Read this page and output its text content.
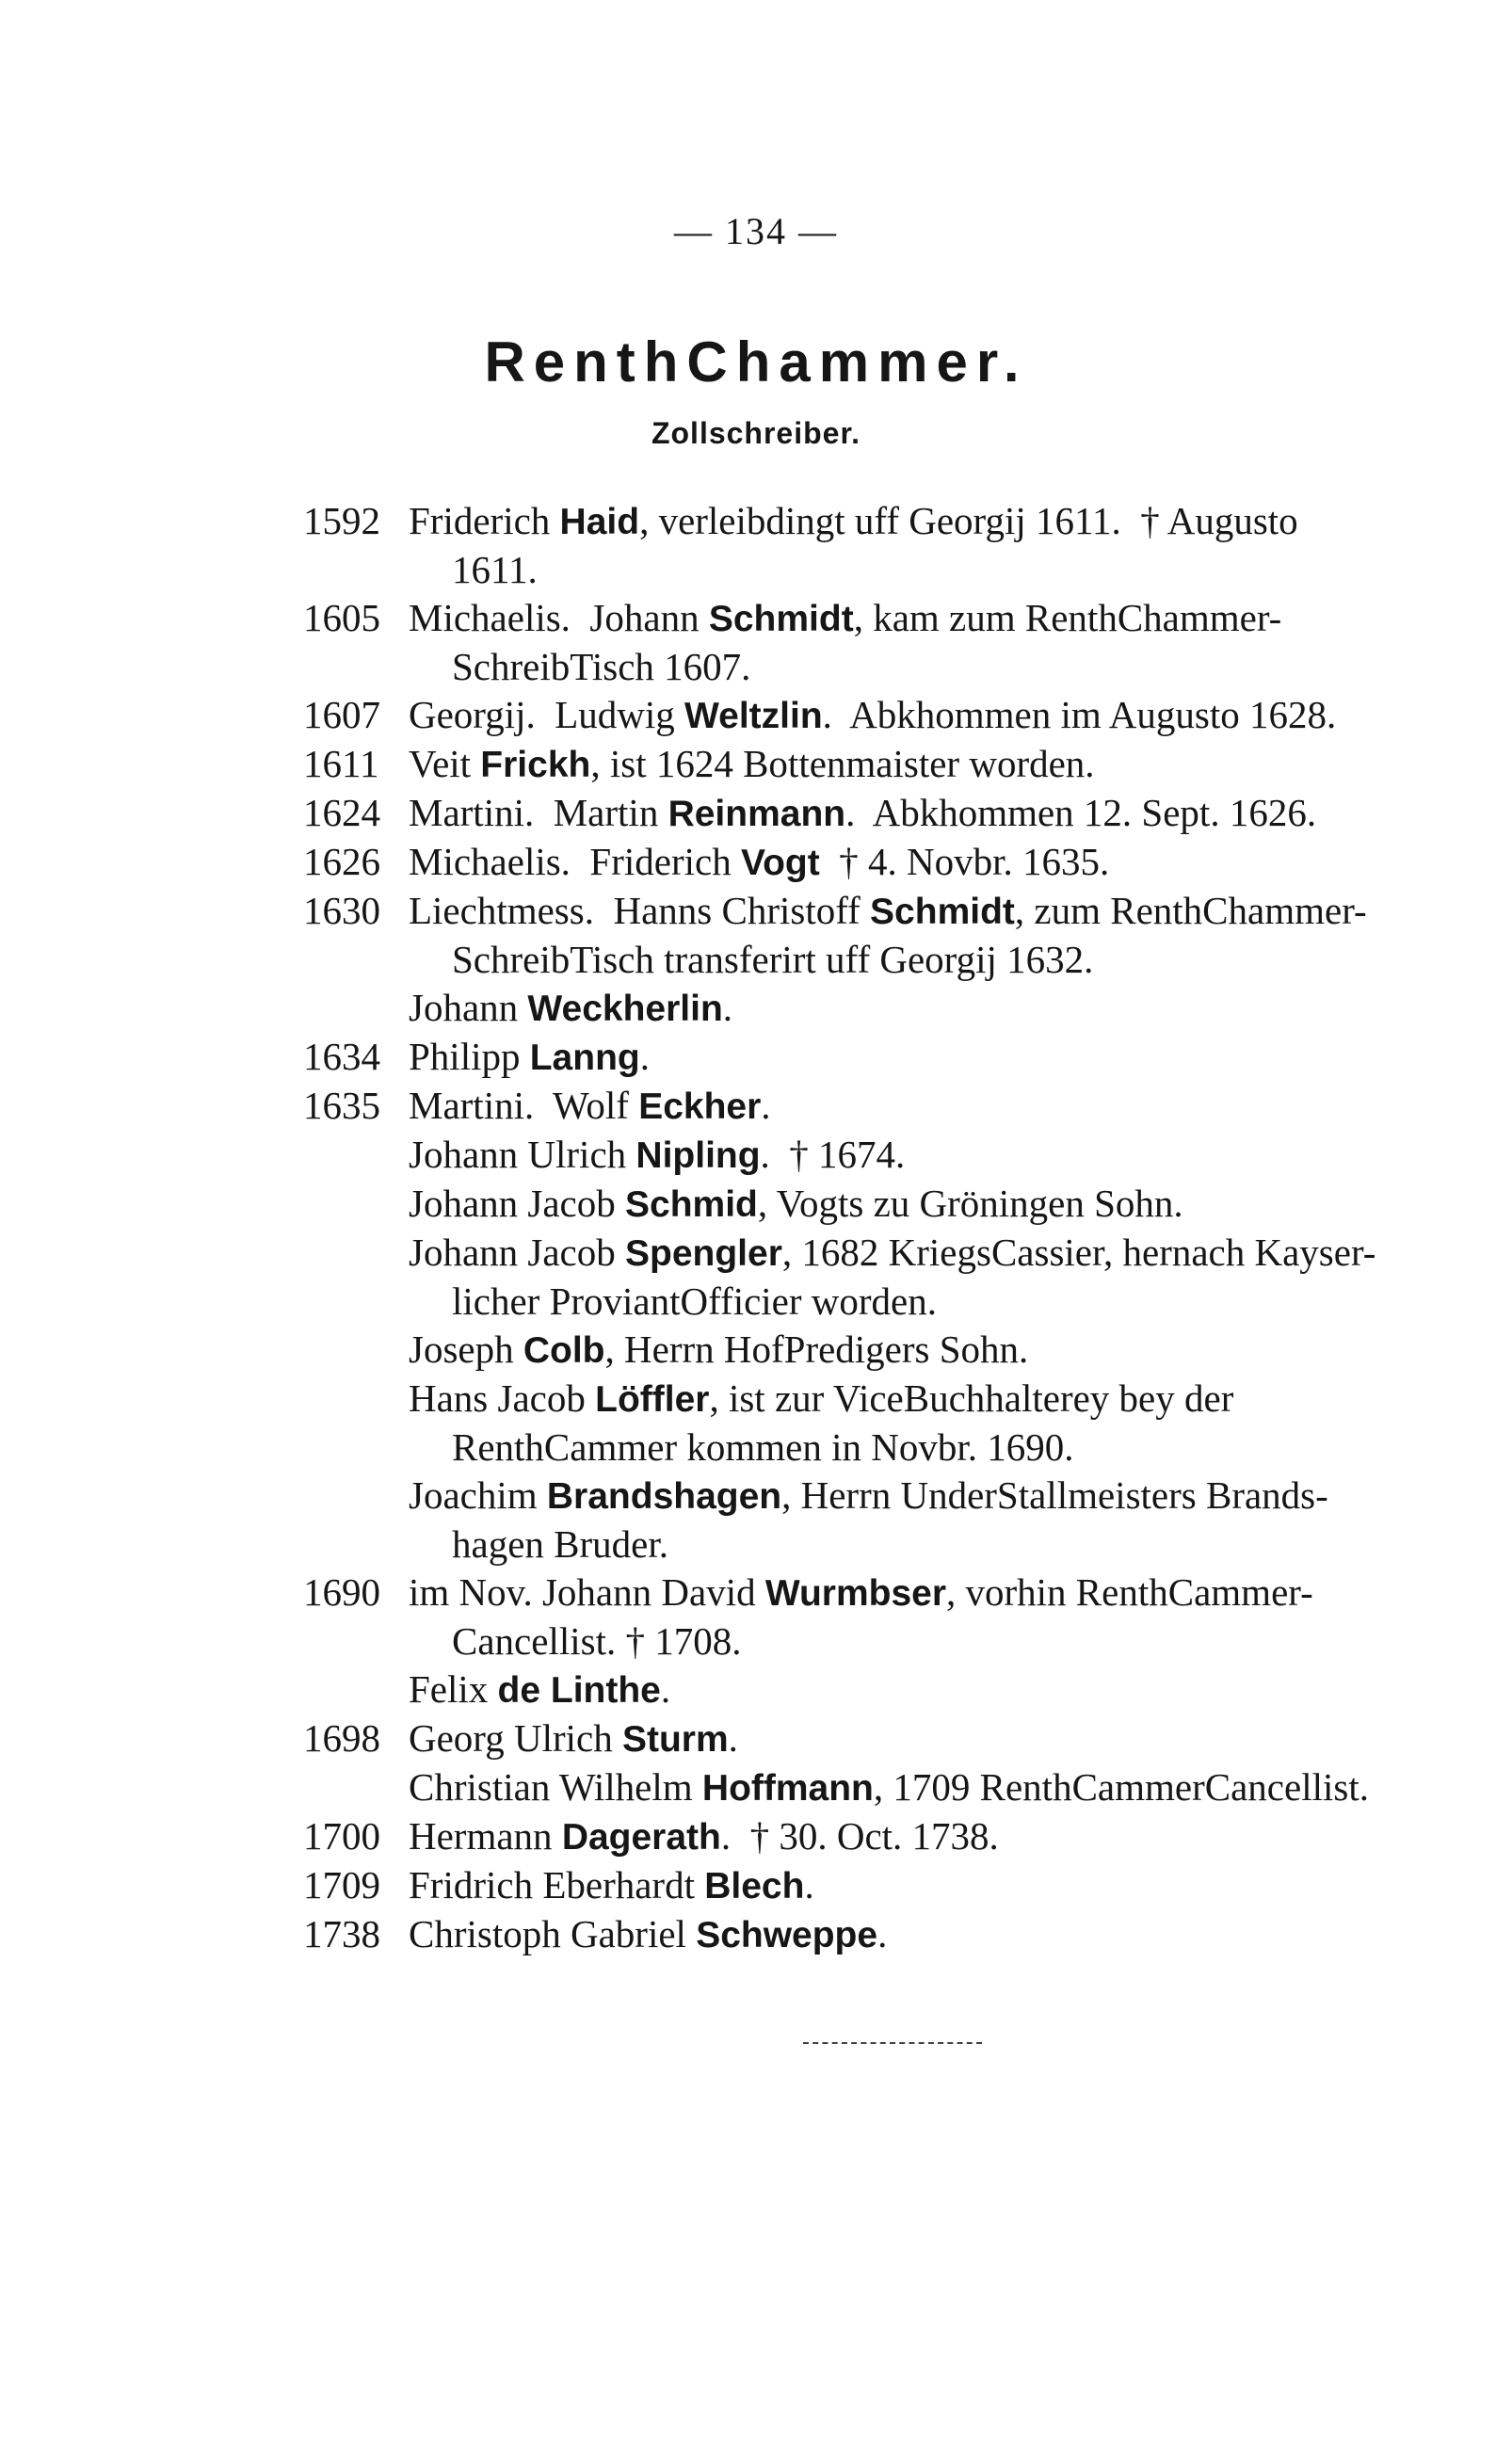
— 134 —
RenthChammer.
Zollschreiber.
1592 Friderich Haid, verleibdingt uff Georgij 1611.  † Augusto
1611.
1605 Michaelis.  Johann Schmidt, kam zum RenthChammer-
SchreibTisch 1607.
1607 Georgij.  Ludwig Weltzlin.  Abkhommen im Augusto 1628.
1611 Veit Frickh, ist 1624 Bottenmaister worden.
1624 Martini.  Martin Reinmann.  Abkhommen 12. Sept. 1626.
1626 Michaelis.  Friderich Vogt  † 4. Novbr. 1635.
1630 Liechtmess.  Hanns Christoff Schmidt, zum RenthChammer-
SchreibTisch transferirt uff Georgij 1632.
Johann Weckherlin.
1634 Philipp Lanng.
1635 Martini.  Wolf Eckher.
Johann Ulrich Nipling.  † 1674.
Johann Jacob Schmid, Vogts zu Gröningen Sohn.
Johann Jacob Spengler, 1682 KriegsCassier, hernach Kayser-
licher ProviantOfficier worden.
Joseph Colb, Herrn HofPredigers Sohn.
Hans Jacob Löffler, ist zur ViceBuchhalterey bey der
RenthCammer kommen in Novbr. 1690.
Joachim Brandshagen, Herrn UnderStallmeisters Brands-
hagen Bruder.
1690 im Nov. Johann David Wurmbser, vorhin RenthCammer-
Cancellist. † 1708.
Felix de Linthe.
1698 Georg Ulrich Sturm.
Christian Wilhelm Hoffmann, 1709 RenthCammerCancellist.
1700 Hermann Dagerath.  † 30. Oct. 1738.
1709 Fridrich Eberhardt Blech.
1738 Christoph Gabriel Schweppe.
